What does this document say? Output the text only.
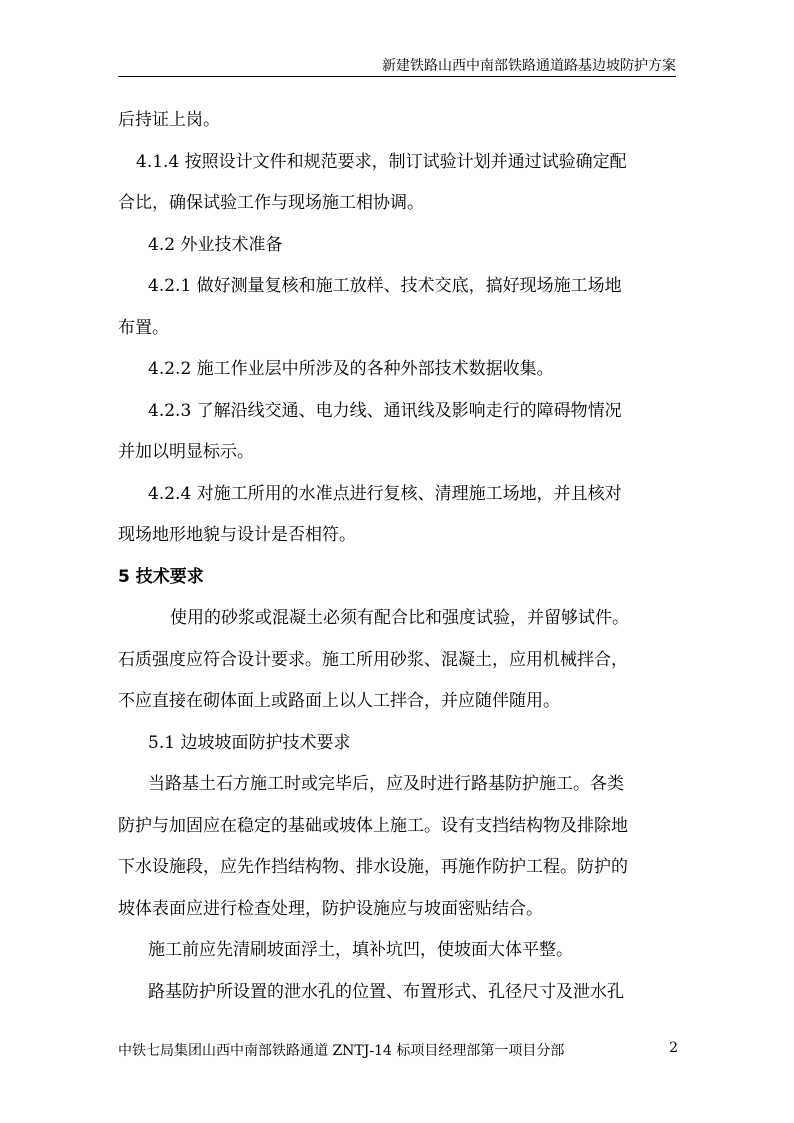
新建铁路山西中南部铁路通道路基边坡防护方案

后持证上岗。

4.1.4 按照设计文件和规范要求，制订试验计划并通过试验确定配

合比，确保试验工作与现场施工相协调。

4.2 外业技术准备

4.2.1 做好测量复核和施工放样、技术交底，搞好现场施工场地

布置。

4.2.2 施工作业层中所涉及的各种外部技术数据收集。

4.2.3 了解沿线交通、电力线、通讯线及影响走行的障碍物情况

并加以明显标示。

4.2.4 对施工所用的水准点进行复核、清理施工场地，并且核对

现场地形地貌与设计是否相符。

5 技术要求

使用的砂浆或混凝土必须有配合比和强度试验，并留够试件。

石质强度应符合设计要求。施工所用砂浆、混凝土，应用机械拌合，

不应直接在砌体面上或路面上以人工拌合，并应随伴随用。

5.1 边坡坡面防护技术要求

当路基土石方施工时或完毕后，应及时进行路基防护施工。各类

防护与加固应在稳定的基础或坡体上施工。设有支挡结构物及排除地

下水设施段，应先作挡结构物、排水设施，再施作防护工程。防护的

坡体表面应进行检查处理，防护设施应与坡面密贴结合。

施工前应先清刷坡面浮土，填补坑凹，使坡面大体平整。

路基防护所设置的泄水孔的位置、布置形式、孔径尺寸及泄水孔

中铁七局集团山西中南部铁路通道 ZNTJ-14 标项目经理部第一项目分部	2
